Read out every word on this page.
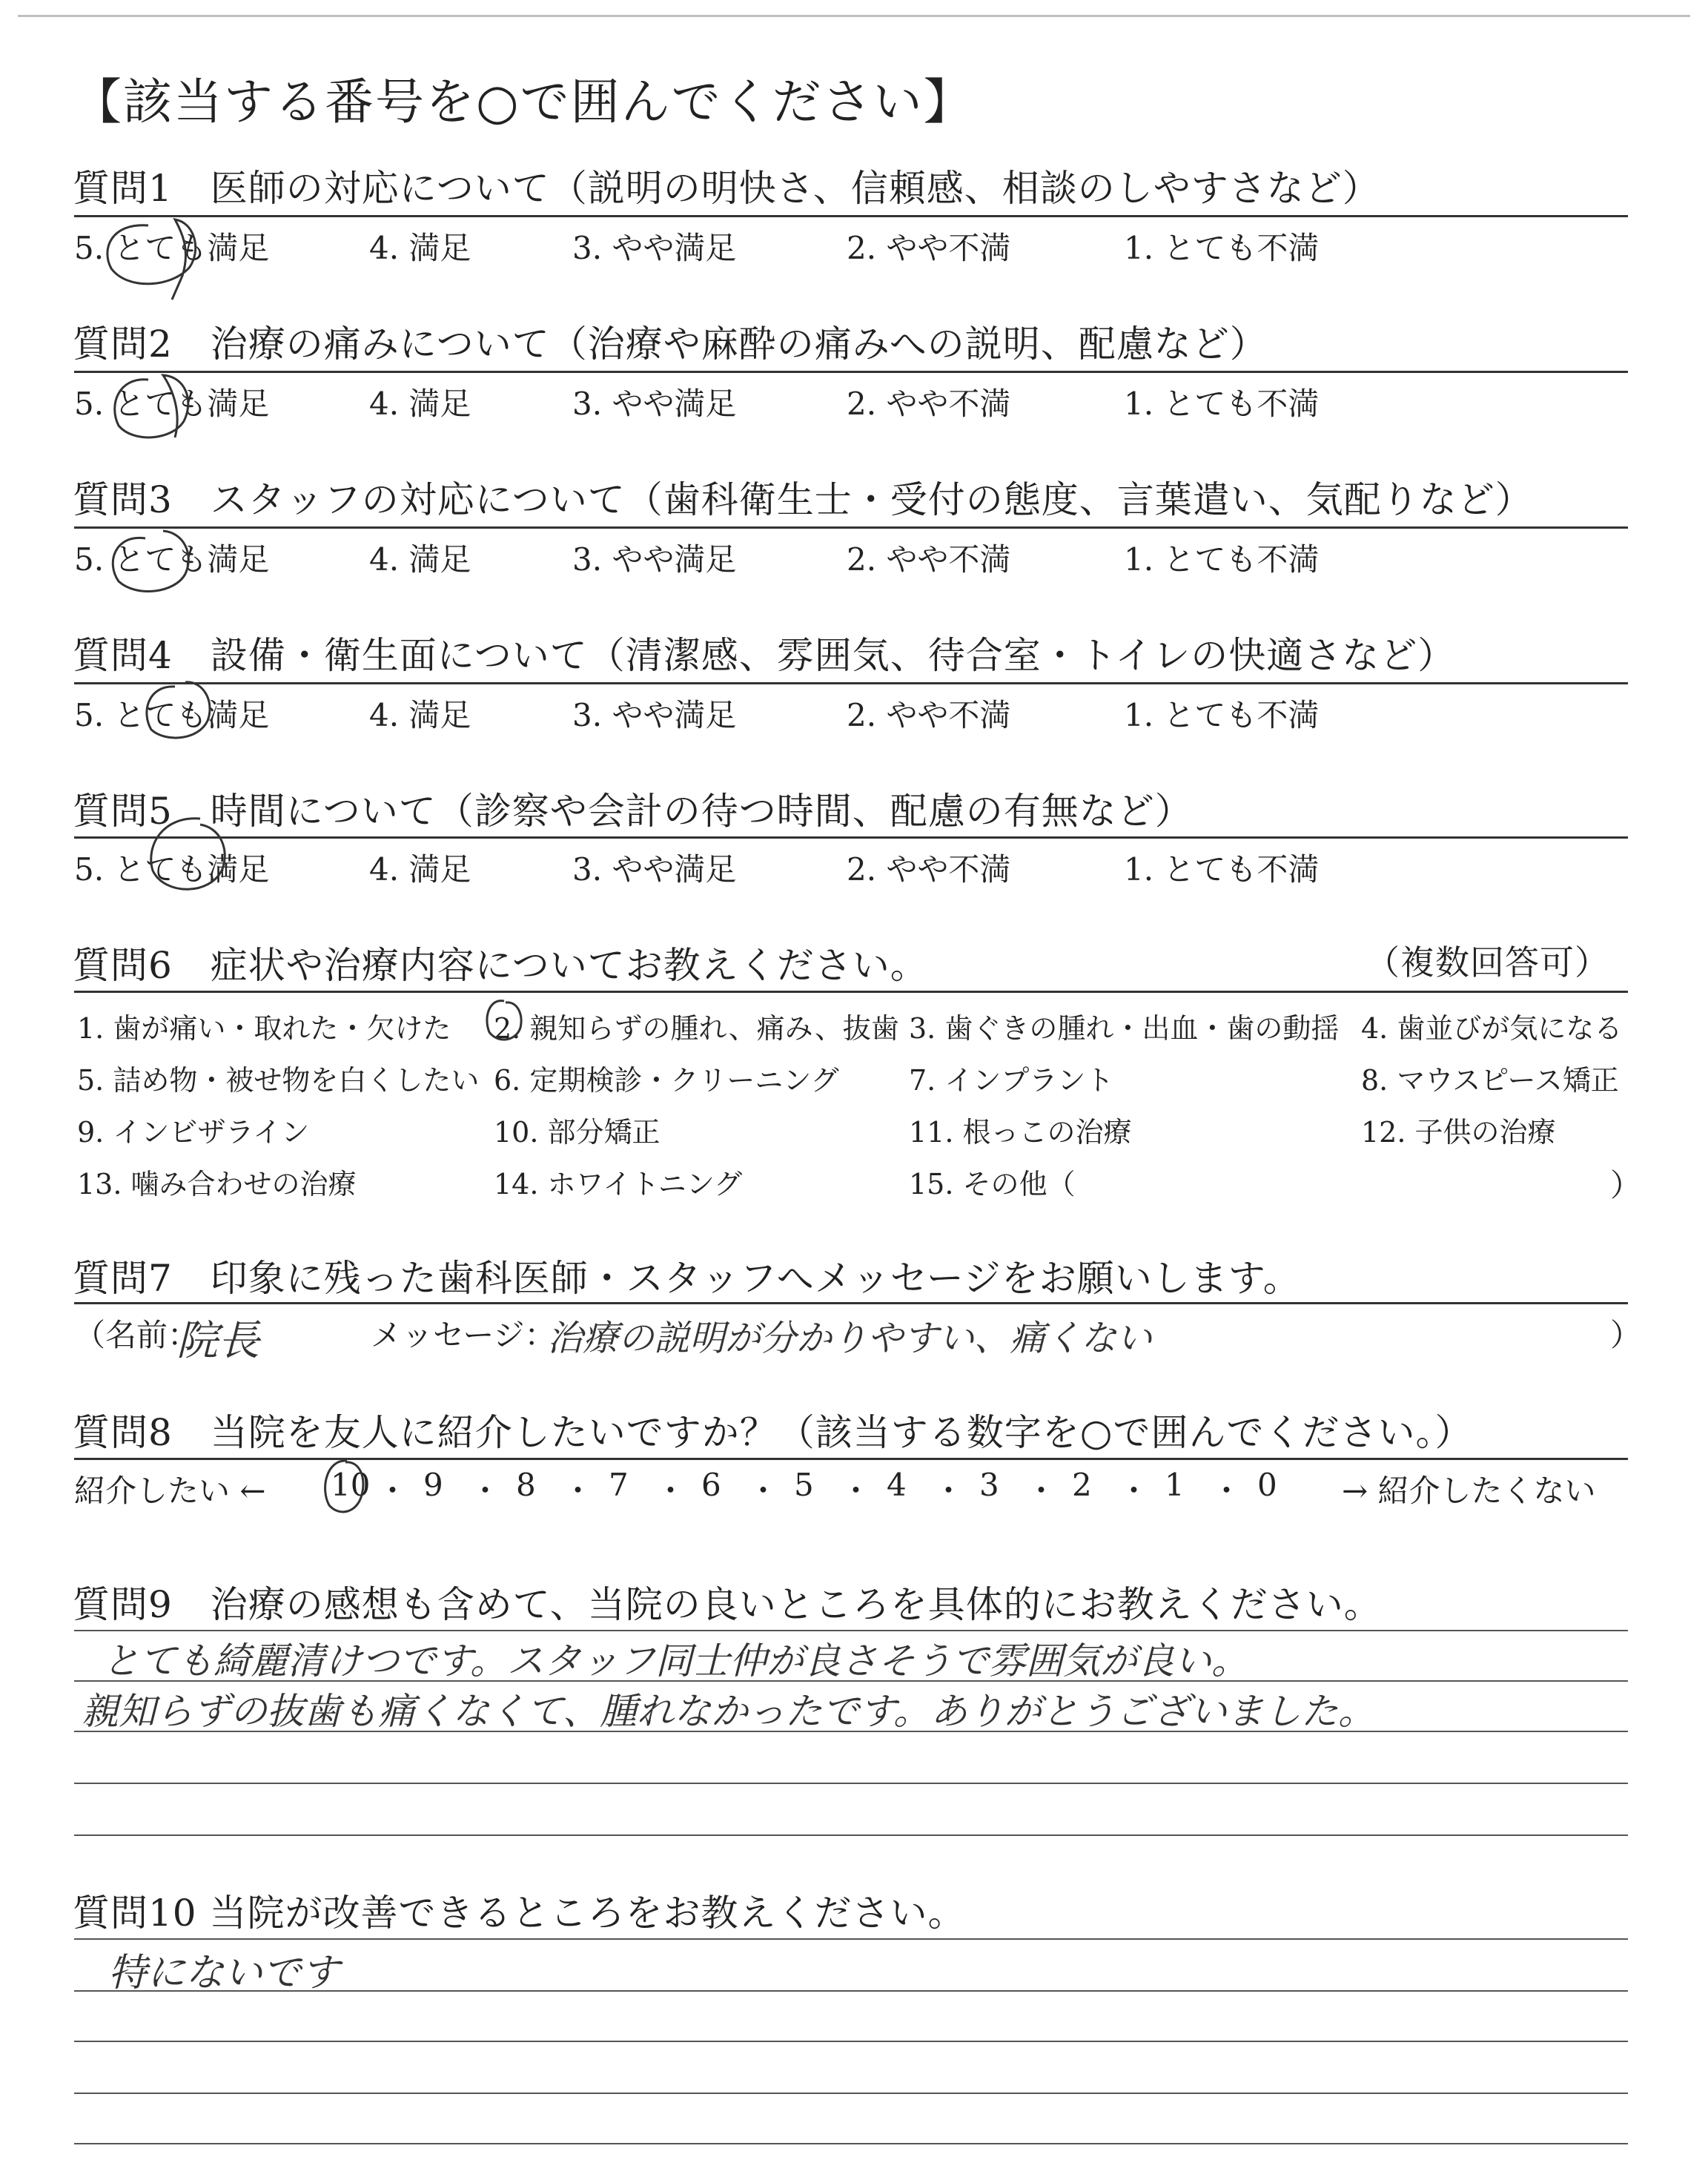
【該当する番号を○で囲んでください】
質問1　医師の対応について（説明の明快さ、信頼感、相談のしやすさなど）
5. とても満足	4. 満足	3. やや満足	2. やや不満	1. とても不満
質問2　治療の痛みについて（治療や麻酔の痛みへの説明、配慮など）
5. とても満足	4. 満足	3. やや満足	2. やや不満	1. とても不満
質問3　スタッフの対応について（歯科衛生士・受付の態度、言葉遣い、気配りなど）
5. とても満足	4. 満足	3. やや満足	2. やや不満	1. とても不満
質問4　設備・衛生面について（清潔感、雰囲気、待合室・トイレの快適さなど）
5. とても満足	4. 満足	3. やや満足	2. やや不満	1. とても不満
質問5　時間について（診察や会計の待つ時間、配慮の有無など）
5. とても満足	4. 満足	3. やや満足	2. やや不満	1. とても不満
質問6　症状や治療内容についてお教えください。	（複数回答可）
1. 歯が痛い・取れた・欠けた 2. 親知らずの腫れ、痛み、抜歯 3. 歯ぐきの腫れ・出血・歯の動揺 4. 歯並びが気になる
5. 詰め物・被せ物を白くしたい 6. 定期検診・クリーニング 7. インプラント	8. マウスピース矯正
9. インビザライン	10. 部分矯正	11. 根っこの治療	12. 子供の治療
13. 噛み合わせの治療	14. ホワイトニング	15. その他（	）
質問7　印象に残った歯科医師・スタッフへメッセージをお願いします。
（名前：
院長	メッセージ：
治療の説明が分かりやすい、痛くない	）
質問8　当院を友人に紹介したいですか？（該当する数字を○で囲んでください。）
紹介したい ← 10 ・ 9 ・ 8 ・ 7 ・ 6 ・ 5 ・ 4 ・ 3 ・ 2 ・ 1 ・ 0 → 紹介したくない
質問9　治療の感想も含めて、当院の良いところを具体的にお教えください。
とても綺麗清けつです。スタッフ同士仲が良さそうで雰囲気が良い。
親知らずの抜歯も痛くなくて、腫れなかったです。ありがとうございました。
質問10 当院が改善できるところをお教えください。
特にないです
